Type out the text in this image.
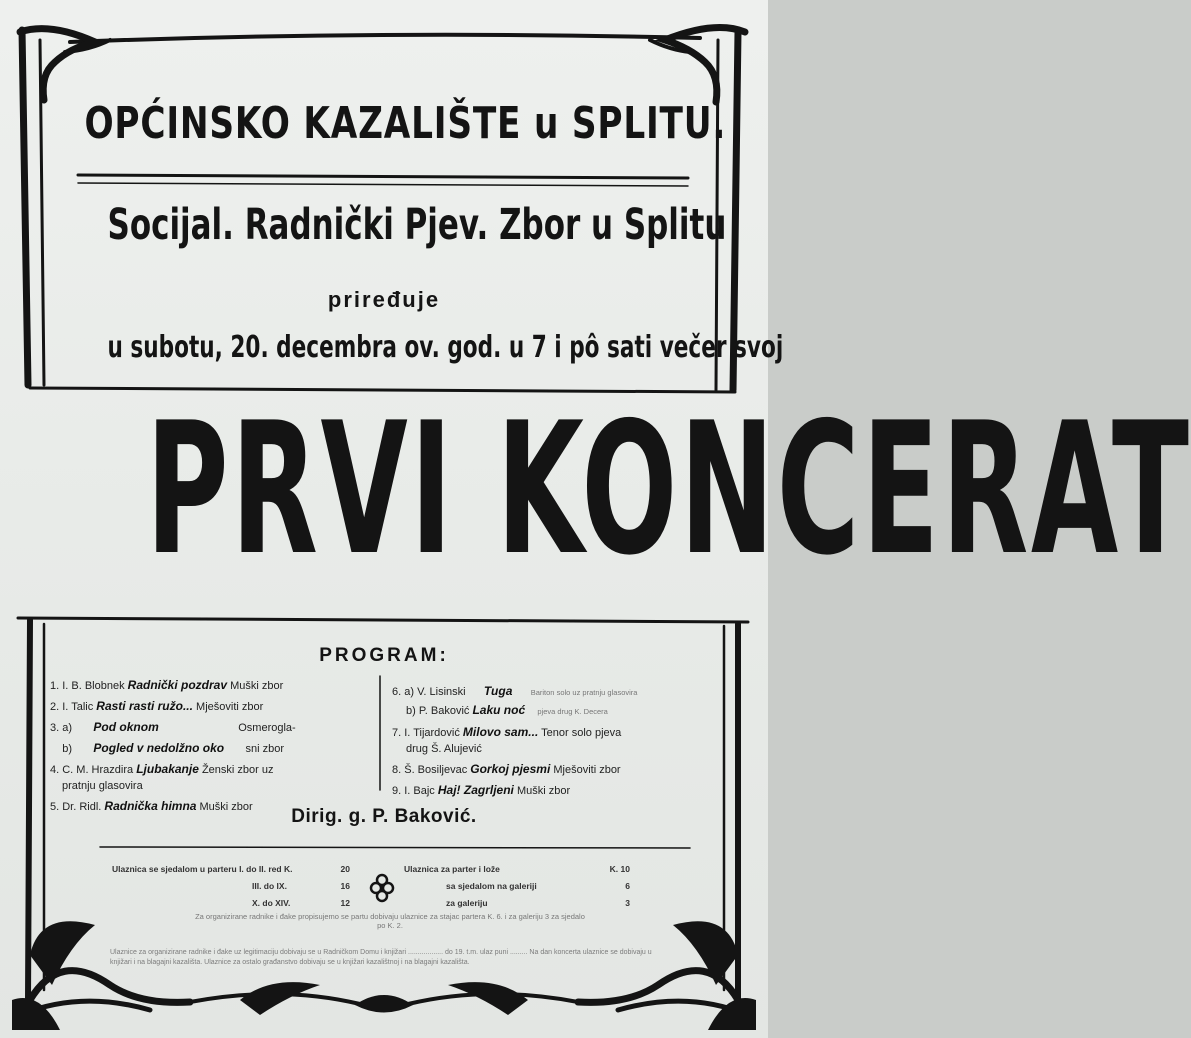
OPĆINSKO KAZALIŠTE u SPLITU.
Socijal. Radnički Pjev. Zbor u Splitu
priređuje
u subotu, 20. decembra ov. god. u 7 i pô sati večer svoj
PRVI KONCERAT
PROGRAM:
1. I. B. Blobnek Radnički pozdrav Muški zbor
2. I. Talic Rasti rasti ružo... Mješoviti zbor
3. a) Pod oknom	Osmerogla-
b) Pogled v nedolžno oko sni zbor
4. C. M. Hrazdira Ljubakanje Ženski zbor uz
pratnju glasovira
5. Dr. Ridl. Radnička himna Muški zbor
6. a) V. Lisinski Tuga Bariton solo uz pratnju glasovira
b) P. Baković Laku noć pjeva drug K. Decera
7. I. Tijardović Milovo sam... Tenor solo pjeva
drug Š. Alujević
8. Š. Bosiljevac Gorkoj pjesmi Mješoviti zbor
9. I. Bajc Haj! Zagrljeni Muški zbor
Dirig. g. P. Baković.
Ulaznica se sjedalom u parteru I. do II. red K.	20
III. do IX.	16
X. do XIV.	12
Ulaznica za parter i lože	K. 10
sa sjedalom na galeriji	6
za galeriju	3
Za organizirane radnike i đake propisujemo se partu dobivaju ulaznice za stajac partera K. 6. i za galeriju 3 za sjedalo
po K. 2.
Ulaznice za organizirane radnike i đake uz legitimaciju dobivaju se u Radničkom Domu i knjižari .................. do 19. t.m. ulaz puni ......... Na dan koncerta ulaznice se dobivaju u knjižari i na blagajni kazališta. Ulaznice za ostalo građanstvo dobivaju se u knjižari kazalištnoj i na blagajni kazališta.
